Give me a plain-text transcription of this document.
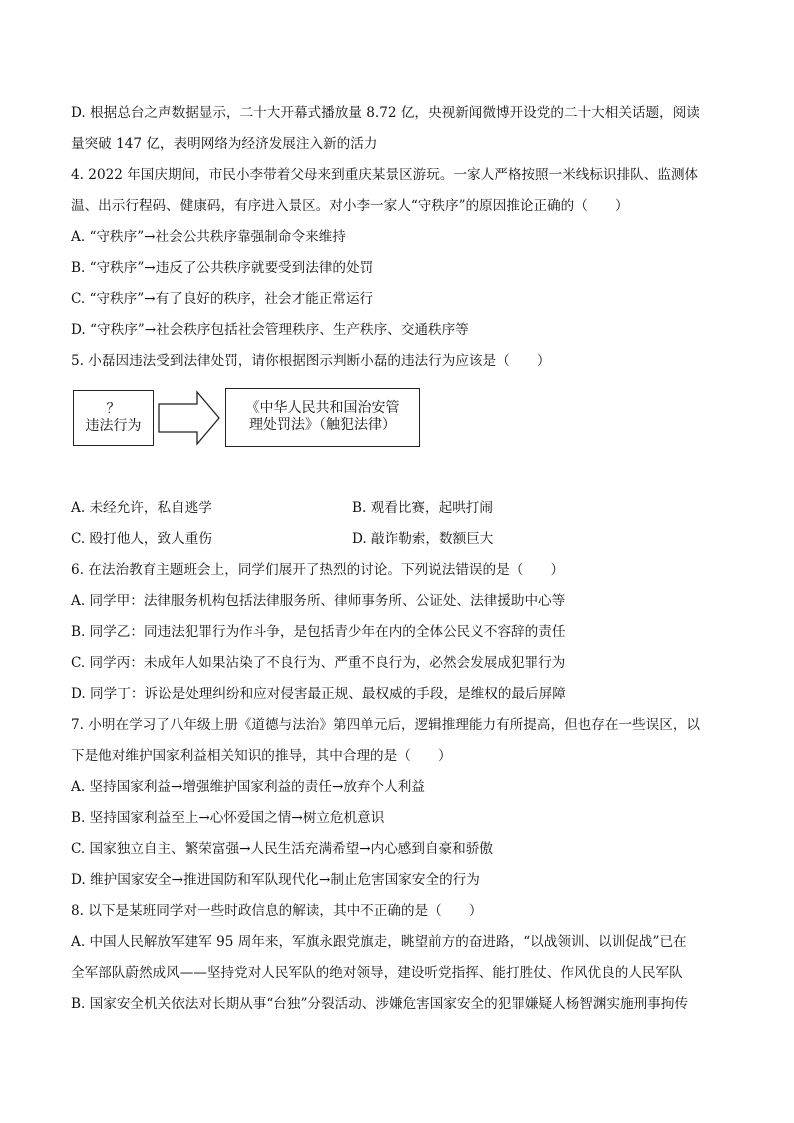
D. 根据总台之声数据显示，二十大开幕式播放量 8.72 亿，央视新闻微博开设党的二十大相关话题，阅读
量突破 147 亿，表明网络为经济发展注入新的活力
4. 2022 年国庆期间，市民小李带着父母来到重庆某景区游玩。一家人严格按照一米线标识排队、监测体
温、出示行程码、健康码，有序进入景区。对小李一家人“守秩序”的原因推论正确的（　　）
A. “守秩序”→社会公共秩序靠强制命令来维持
B. “守秩序”→违反了公共秩序就要受到法律的处罚
C. “守秩序”→有了良好的秩序，社会才能正常运行
D. “守秩序”→社会秩序包括社会管理秩序、生产秩序、交通秩序等
5. 小磊因违法受到法律处罚，请你根据图示判断小磊的违法行为应该是（　　）
？
违法行为
《中华人民共和国治安管
理处罚法》（触犯法律）
A. 未经允许，私自逃学	B. 观看比赛，起哄打闹
C. 殴打他人，致人重伤	D. 敲诈勒索，数额巨大
6. 在法治教育主题班会上，同学们展开了热烈的讨论。下列说法错误的是（　　）
A. 同学甲：法律服务机构包括法律服务所、律师事务所、公证处、法律援助中心等
B. 同学乙：同违法犯罪行为作斗争，是包括青少年在内的全体公民义不容辞的责任
C. 同学丙：未成年人如果沾染了不良行为、严重不良行为，必然会发展成犯罪行为
D. 同学丁：诉讼是处理纠纷和应对侵害最正规、最权威的手段，是维权的最后屏障
7. 小明在学习了八年级上册《道德与法治》第四单元后，逻辑推理能力有所提高，但也存在一些误区，以
下是他对维护国家利益相关知识的推导，其中合理的是（　　）
A. 坚持国家利益→增强维护国家利益的责任→放弃个人利益
B. 坚持国家利益至上→心怀爱国之情→树立危机意识
C. 国家独立自主、繁荣富强→人民生活充满希望→内心感到自豪和骄傲
D. 维护国家安全→推进国防和军队现代化→制止危害国家安全的行为
8. 以下是某班同学对一些时政信息的解读，其中不正确的是（　　）
A. 中国人民解放军建军 95 周年来，军旗永跟党旗走，眺望前方的奋进路，“以战领训、以训促战”已在
全军部队蔚然成风——坚持党对人民军队的绝对领导，建设听党指挥、能打胜仗、作风优良的人民军队
B. 国家安全机关依法对长期从事“台独”分裂活动、涉嫌危害国家安全的犯罪嫌疑人杨智渊实施刑事拘传
